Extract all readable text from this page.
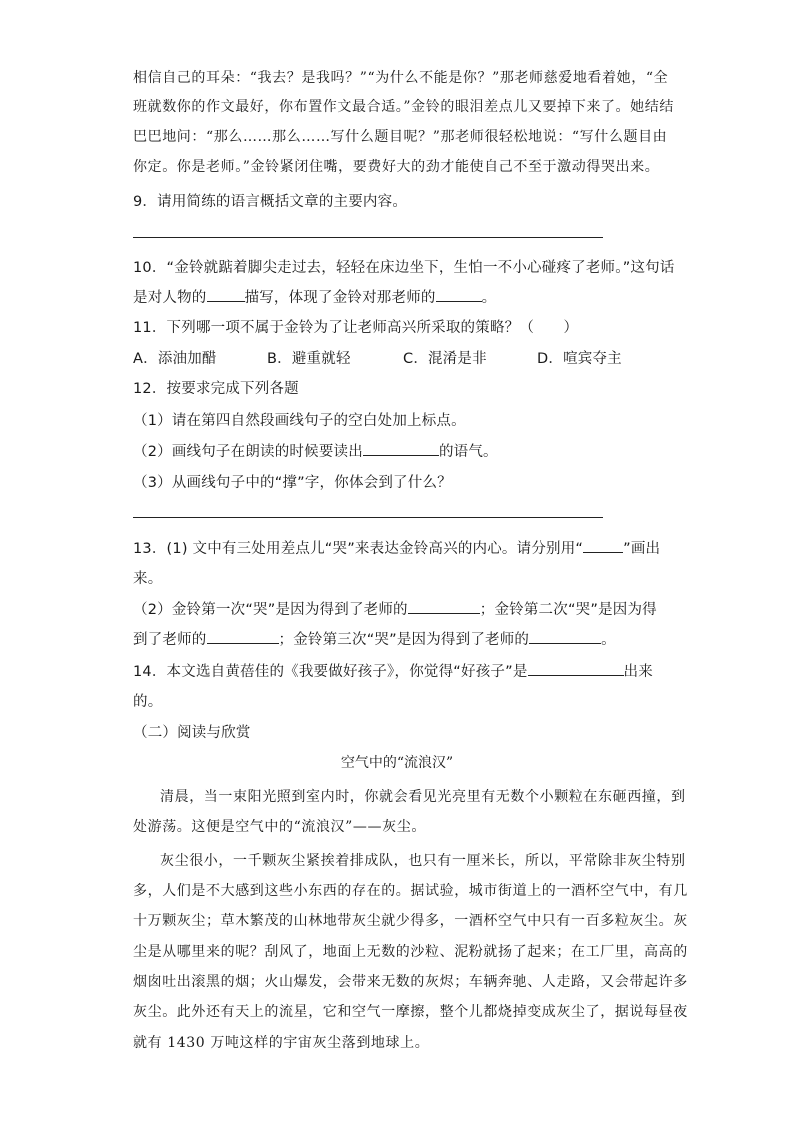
相信自己的耳朵：“我去？是我吗？”“为什么不能是你？”那老师慈爱地看着她，“全
班就数你的作文最好，你布置作文最合适。”金铃的眼泪差点儿又要掉下来了。她结结
巴巴地问：“那么……那么……写什么题目呢？”那老师很轻松地说：“写什么题目由
你定。你是老师。”金铃紧闭住嘴，要费好大的劲才能使自己不至于激动得哭出来。
9．请用简练的语言概括文章的主要内容。
10．“金铃就踮着脚尖走过去，轻轻在床边坐下，生怕一不小心碰疼了老师。”这句话
是对人物的	描写，体现了金铃对那老师的	。
11．下列哪一项不属于金铃为了让老师高兴所采取的策略？（　　）
A．添油加醋	B．避重就轻	C．混淆是非	D．喧宾夺主
12．按要求完成下列各题
（1）请在第四自然段画线句子的空白处加上标点。
（2）画线句子在朗读的时候要读出	的语气。
（3）从画线句子中的“撑”字，你体会到了什么？
13．(1) 文中有三处用差点儿“哭”来表达金铃高兴的内心。请分别用“	”画出
来。
（2）金铃第一次“哭”是因为得到了老师的	；金铃第二次“哭”是因为得
到了老师的	；金铃第三次“哭”是因为得到了老师的	。
14．本文选自黄蓓佳的《我要做好孩子》，你觉得“好孩子”是	出来
的。
（二）阅读与欣赏
空气中的“流浪汉”
清晨，当一束阳光照到室内时，你就会看见光亮里有无数个小颗粒在东砸西撞，到
处游荡。这便是空气中的“流浪汉”——灰尘。
灰尘很小，一千颗灰尘紧挨着排成队，也只有一厘米长，所以，平常除非灰尘特别
多，人们是不大感到这些小东西的存在的。据试验，城市街道上的一酒杯空气中，有几
十万颗灰尘；草木繁茂的山林地带灰尘就少得多，一酒杯空气中只有一百多粒灰尘。灰
尘是从哪里来的呢？刮风了，地面上无数的沙粒、泥粉就扬了起来；在工厂里，高高的
烟囱吐出滚黑的烟；火山爆发，会带来无数的灰烬；车辆奔驰、人走路，又会带起许多
灰尘。此外还有天上的流星，它和空气一摩擦，整个儿都烧掉变成灰尘了，据说每昼夜
就有 1430 万吨这样的宇宙灰尘落到地球上。
